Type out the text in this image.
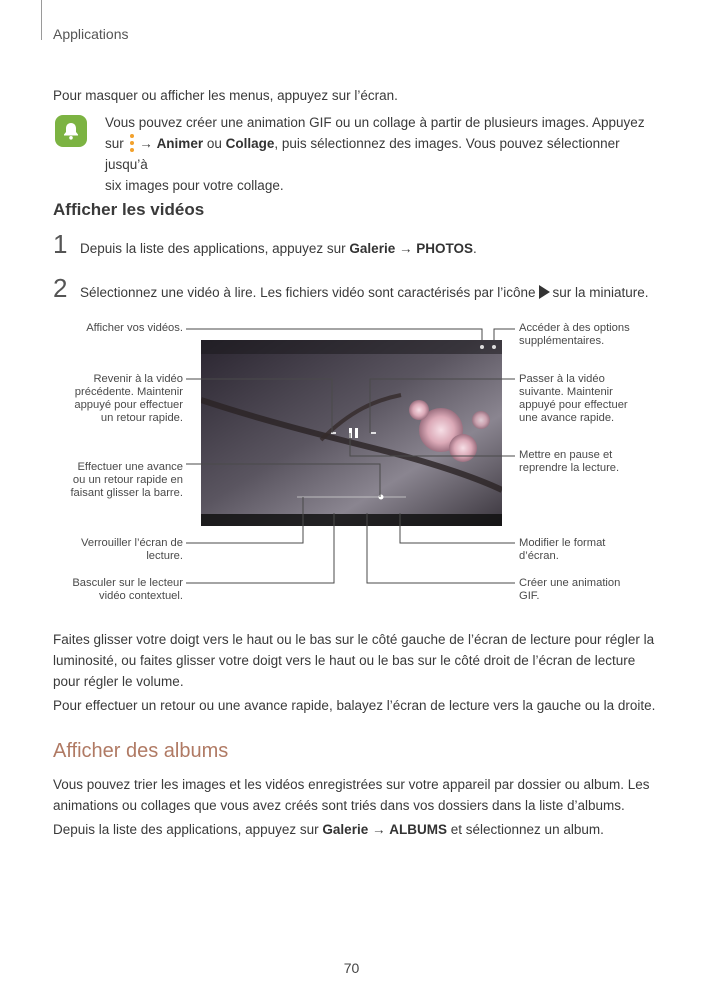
Applications
Pour masquer ou afficher les menus, appuyez sur l’écran.
Vous pouvez créer une animation GIF ou un collage à partir de plusieurs images. Appuyez
sur → Animer ou Collage, puis sélectionnez des images. Vous pouvez sélectionner jusqu’à
six images pour votre collage.
Afficher les vidéos
1 Depuis la liste des applications, appuyez sur Galerie → PHOTOS.
2 Sélectionnez une vidéo à lire. Les fichiers vidéo sont caractérisés par l’icône sur la miniature.
Afficher vos vidéos.
Revenir à la vidéo
précédente. Maintenir
appuyé pour effectuer
un retour rapide.
Effectuer une avance
ou un retour rapide en
faisant glisser la barre.
Verrouiller l’écran de
lecture.
Basculer sur le lecteur
vidéo contextuel.
Accéder à des options
supplémentaires.
Passer à la vidéo
suivante. Maintenir
appuyé pour effectuer
une avance rapide.
Mettre en pause et
reprendre la lecture.
Modifier le format
d’écran.
Créer une animation
GIF.
Faites glisser votre doigt vers le haut ou le bas sur le côté gauche de l’écran de lecture pour régler la
luminosité, ou faites glisser votre doigt vers le haut ou le bas sur le côté droit de l’écran de lecture
pour régler le volume.
Pour effectuer un retour ou une avance rapide, balayez l’écran de lecture vers la gauche ou la droite.
Afficher des albums
Vous pouvez trier les images et les vidéos enregistrées sur votre appareil par dossier ou album. Les
animations ou collages que vous avez créés sont triés dans vos dossiers dans la liste d’albums.
Depuis la liste des applications, appuyez sur Galerie → ALBUMS et sélectionnez un album.
70
